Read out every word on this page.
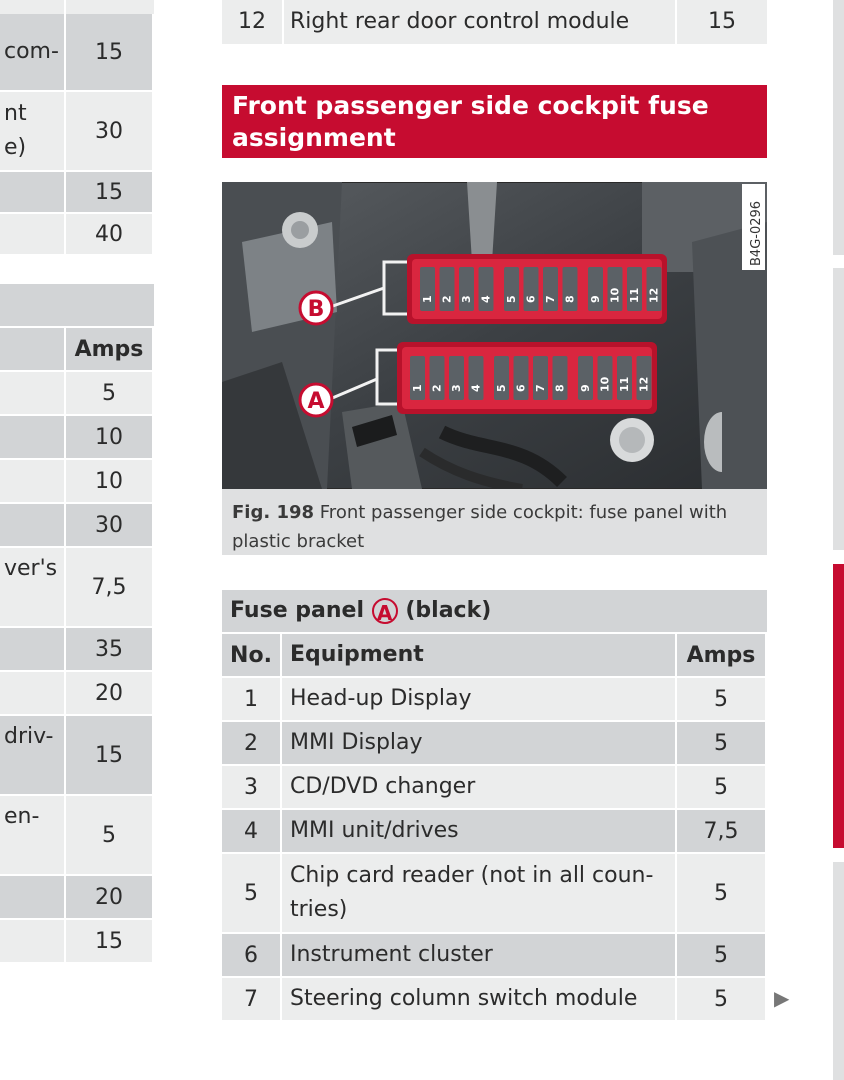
com-	15
nt
e)	30
	15
	40
	Amps
	5
	10
	10
	30
ver's	7,5
	35
	20
driv-	15
en-	5
	20
	15
12	Right rear door control module	15
Front passenger side cockpit fuse assignment
1 2 3 4 5 6 7 8 9 10 11 12
1 2 3 4 5 6 7 8 9 10 11 12
B
A
B4G-0296
Fig. 198 Front passenger side cockpit: fuse panel with plastic bracket
Fuse panel A (black)
No.	Equipment	Amps
1	Head-up Display	5
2	MMI Display	5
3	CD/DVD changer	5
4	MMI unit/drives	7,5
5	Chip card reader (not in all coun-tries)	5
6	Instrument cluster	5
7	Steering column switch module	5 ▶
